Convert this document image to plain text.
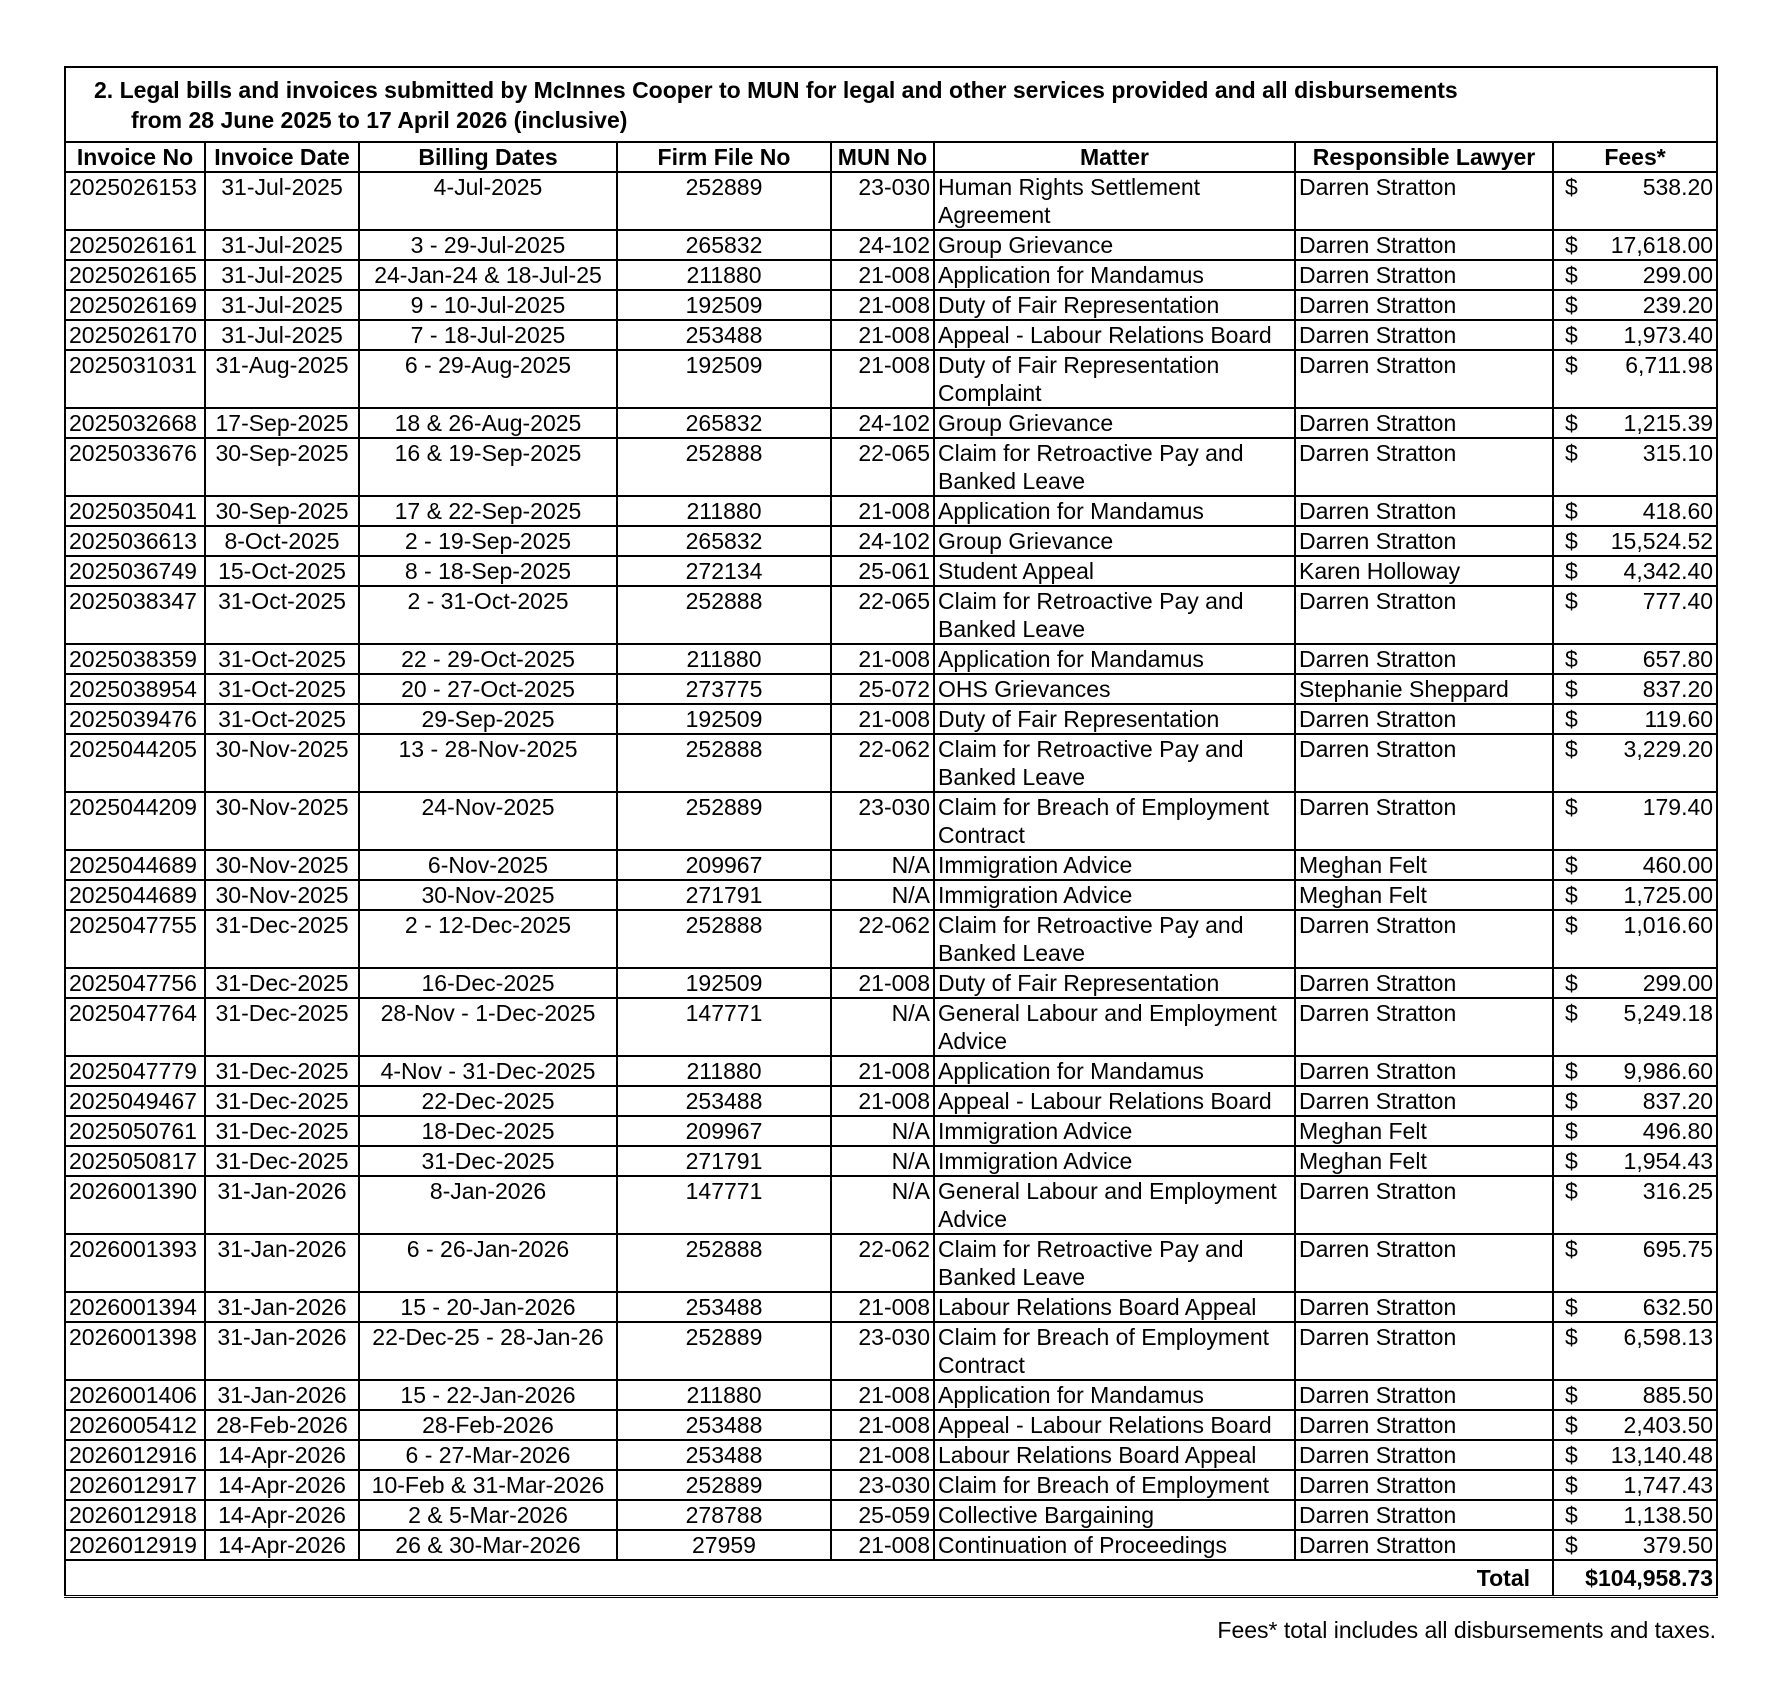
2. Legal bills and invoices submitted by McInnes Cooper to MUN for legal and other services provided and all disbursements
from 28 June 2025 to 17 April 2026 (inclusive)							

Invoice No	Invoice Date	Billing Dates	Firm File No	MUN No	Matter	Responsible Lawyer	Fees*
2025026153	31-Jul-2025	4-Jul-2025	252889	23-030	Human Rights Settlement
Agreement	Darren Stratton	$ 538.20

2025026161	31-Jul-2025	3 - 29-Jul-2025	265832	24-102	Group Grievance	Darren Stratton	$ 17,618.00

2025026165	31-Jul-2025	24-Jan-24 & 18-Jul-25	211880	21-008	Application for Mandamus	Darren Stratton	$ 299.00

2025026169	31-Jul-2025	9 - 10-Jul-2025	192509	21-008	Duty of Fair Representation	Darren Stratton	$ 239.20

2025026170	31-Jul-2025	7 - 18-Jul-2025	253488	21-008	Appeal - Labour Relations Board	Darren Stratton	$ 1,973.40

2025031031	31-Aug-2025	6 - 29-Aug-2025	192509	21-008	Duty of Fair Representation
Complaint	Darren Stratton	$ 6,711.98

2025032668	17-Sep-2025	18 & 26-Aug-2025	265832	24-102	Group Grievance	Darren Stratton	$ 1,215.39

2025033676	30-Sep-2025	16 & 19-Sep-2025	252888	22-065	Claim for Retroactive Pay and
Banked Leave	Darren Stratton	$ 315.10

2025035041	30-Sep-2025	17 & 22-Sep-2025	211880	21-008	Application for Mandamus	Darren Stratton	$ 418.60

2025036613	8-Oct-2025	2 - 19-Sep-2025	265832	24-102	Group Grievance	Darren Stratton	$ 15,524.52

2025036749	15-Oct-2025	8 - 18-Sep-2025	272134	25-061	Student Appeal	Karen Holloway	$ 4,342.40

2025038347	31-Oct-2025	2 - 31-Oct-2025	252888	22-065	Claim for Retroactive Pay and
Banked Leave	Darren Stratton	$ 777.40

2025038359	31-Oct-2025	22 - 29-Oct-2025	211880	21-008	Application for Mandamus	Darren Stratton	$ 657.80

2025038954	31-Oct-2025	20 - 27-Oct-2025	273775	25-072	OHS Grievances	Stephanie Sheppard	$ 837.20

2025039476	31-Oct-2025	29-Sep-2025	192509	21-008	Duty of Fair Representation	Darren Stratton	$ 119.60

2025044205	30-Nov-2025	13 - 28-Nov-2025	252888	22-062	Claim for Retroactive Pay and
Banked Leave	Darren Stratton	$ 3,229.20

2025044209	30-Nov-2025	24-Nov-2025	252889	23-030	Claim for Breach of Employment
Contract	Darren Stratton	$ 179.40

2025044689	30-Nov-2025	6-Nov-2025	209967	N/A	Immigration Advice	Meghan Felt	$ 460.00

2025044689	30-Nov-2025	30-Nov-2025	271791	N/A	Immigration Advice	Meghan Felt	$ 1,725.00

2025047755	31-Dec-2025	2 - 12-Dec-2025	252888	22-062	Claim for Retroactive Pay and
Banked Leave	Darren Stratton	$ 1,016.60

2025047756	31-Dec-2025	16-Dec-2025	192509	21-008	Duty of Fair Representation	Darren Stratton	$ 299.00

2025047764	31-Dec-2025	28-Nov - 1-Dec-2025	147771	N/A	General Labour and Employment
Advice	Darren Stratton	$ 5,249.18

2025047779	31-Dec-2025	4-Nov - 31-Dec-2025	211880	21-008	Application for Mandamus	Darren Stratton	$ 9,986.60

2025049467	31-Dec-2025	22-Dec-2025	253488	21-008	Appeal - Labour Relations Board	Darren Stratton	$ 837.20

2025050761	31-Dec-2025	18-Dec-2025	209967	N/A	Immigration Advice	Meghan Felt	$ 496.80

2025050817	31-Dec-2025	31-Dec-2025	271791	N/A	Immigration Advice	Meghan Felt	$ 1,954.43

2026001390	31-Jan-2026	8-Jan-2026	147771	N/A	General Labour and Employment
Advice	Darren Stratton	$ 316.25

2026001393	31-Jan-2026	6 - 26-Jan-2026	252888	22-062	Claim for Retroactive Pay and
Banked Leave	Darren Stratton	$ 695.75

2026001394	31-Jan-2026	15 - 20-Jan-2026	253488	21-008	Labour Relations Board Appeal	Darren Stratton	$ 632.50

2026001398	31-Jan-2026	22-Dec-25 - 28-Jan-26	252889	23-030	Claim for Breach of Employment
Contract	Darren Stratton	$ 6,598.13

2026001406	31-Jan-2026	15 - 22-Jan-2026	211880	21-008	Application for Mandamus	Darren Stratton	$ 885.50

2026005412	28-Feb-2026	28-Feb-2026	253488	21-008	Appeal - Labour Relations Board	Darren Stratton	$ 2,403.50

2026012916	14-Apr-2026	6 - 27-Mar-2026	253488	21-008	Labour Relations Board Appeal	Darren Stratton	$ 13,140.48

2026012917	14-Apr-2026	10-Feb & 31-Mar-2026	252889	23-030	Claim for Breach of Employment	Darren Stratton	$ 1,747.43

2026012918	14-Apr-2026	2 & 5-Mar-2026	278788	25-059	Collective Bargaining	Darren Stratton	$ 1,138.50

2026012919	14-Apr-2026	26 & 30-Mar-2026	27959	21-008	Continuation of Proceedings	Darren Stratton	$ 379.50

Total							$104,958.73
Fees* total includes all disbursements and taxes.
